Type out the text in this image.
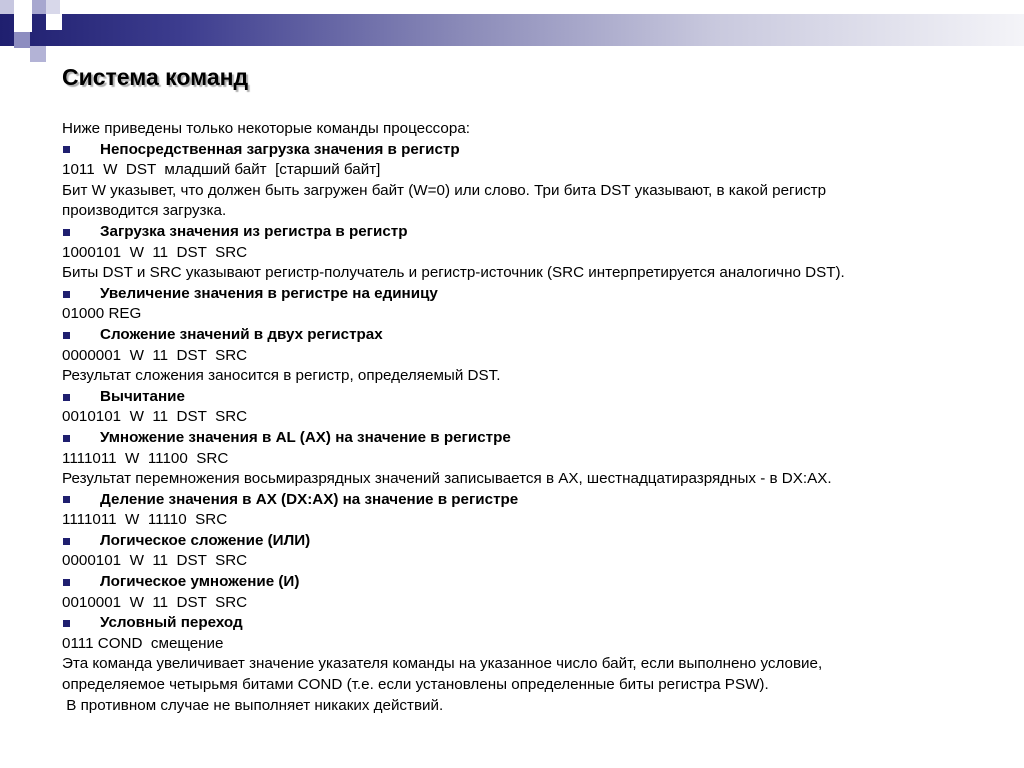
Система команд
Ниже приведены только некоторые команды процессора:
Непосредственная загрузка значения в регистр
1011  W  DST  младший байт  [старший байт]
Бит W указывет, что должен быть загружен байт (W=0) или слово. Три бита DST указывают, в какой регистр
производится загрузка.
Загрузка значения из регистра в регистр
1000101  W  11  DST  SRC
Биты DST и SRC указывают регистр-получатель и регистр-источник (SRC интерпретируется аналогично DST).
Увеличение значения в регистре на единицу
01000 REG
Сложение значений в двух регистрах
0000001  W  11  DST  SRC
Результат сложения заносится в регистр, определяемый DST.
Вычитание
0010101  W  11  DST  SRC
Умножение значения в AL (AX) на значение в регистре
1111011  W  11100  SRC
Результат перемножения восьмиразрядных значений записывается в AX, шестнадцатиразрядных - в DX:AX.
Деление значения в AX (DX:AX) на значение в регистре
1111011  W  11110  SRC
Логическое сложение (ИЛИ)
0000101  W  11  DST  SRC
Логическое умножение (И)
0010001  W  11  DST  SRC
Условный переход
0111 COND  смещение
Эта команда увеличивает значение указателя команды на указанное число байт, если выполнено условие,
определяемое четырьмя битами COND (т.е. если установлены определенные биты регистра PSW).
В противном случае не выполняет никаких действий.
